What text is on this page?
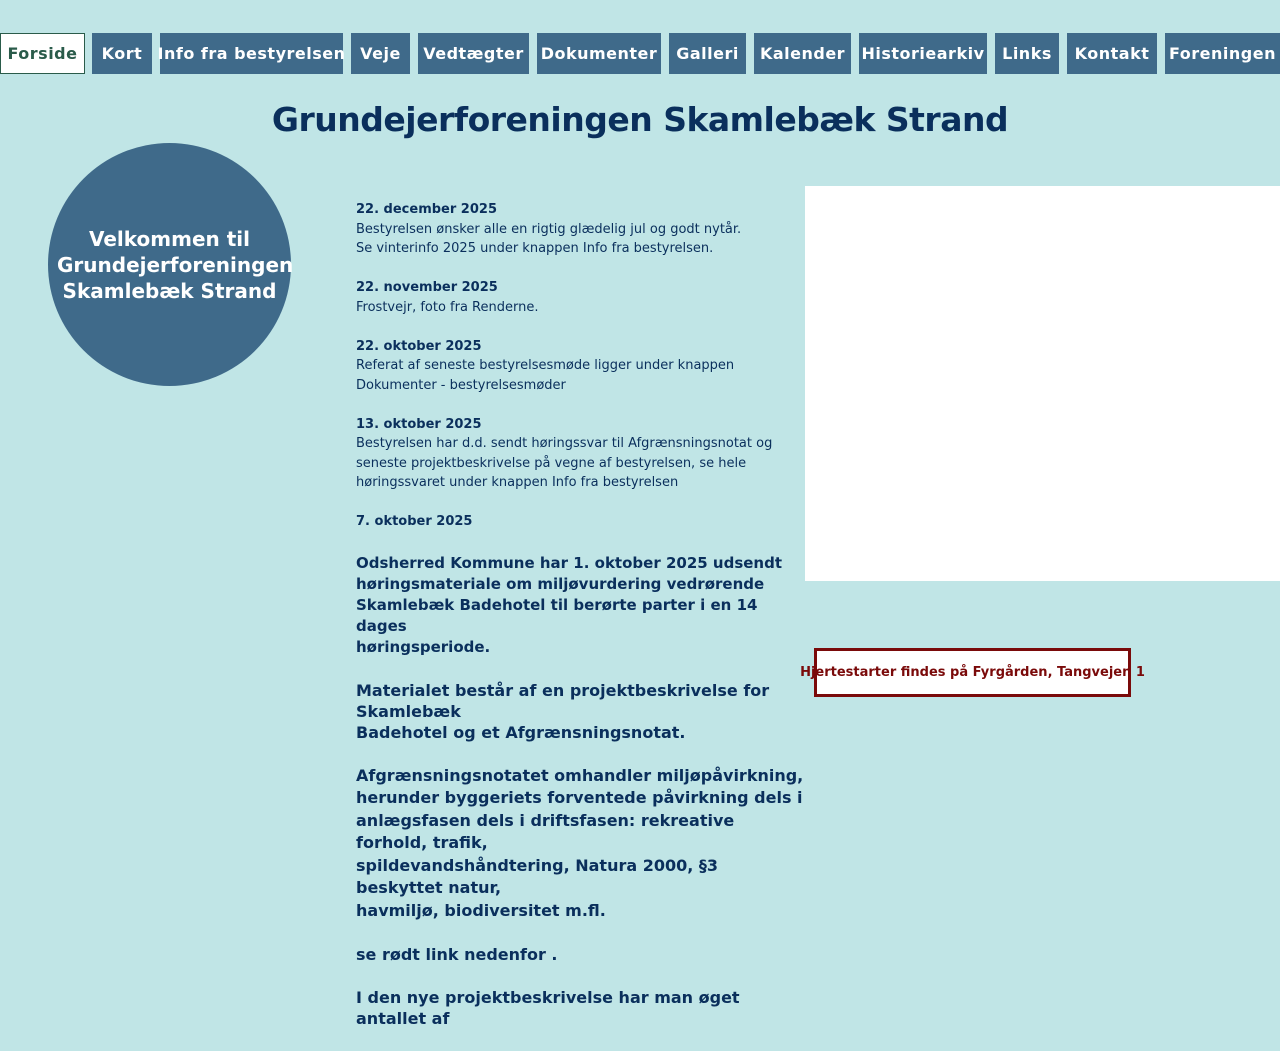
Forside	Kort Info fra bestyrelsen Veje	Vedtægter	Dokumenter	Galleri	Kalender	Historiearkiv	Links	Kontakt	Foreningen
Grundejerforeningen Skamlebæk Strand
Velkommen til Grundejerforeningen Skamlebæk Strand
22. december 2025
Bestyrelsen ønsker alle en rigtig glædelig jul og godt nytår.
Se vinterinfo 2025 under knappen Info fra bestyrelsen.
22. november 2025
Frostvejr, foto fra Renderne.
22. oktober 2025
Referat af seneste bestyrelsesmøde ligger under knappen
Dokumenter - bestyrelsesmøder
13. oktober 2025
Bestyrelsen har d.d. sendt høringssvar til Afgrænsningsnotat og
seneste projektbeskrivelse på vegne af bestyrelsen, se hele
høringssvaret under knappen Info fra bestyrelsen
7. oktober 2025

Odsherred Kommune har 1. oktober 2025 udsendt
høringsmateriale om miljøvurdering vedrørende
Skamlebæk Badehotel til berørte parter i en 14 dages
høringsperiode.

Materialet består af en projektbeskrivelse for Skamlebæk
Badehotel og et Afgrænsningsnotat.

Afgrænsningsnotatet omhandler miljøpåvirkning,
herunder byggeriets forventede påvirkning dels i
anlægsfasen dels i driftsfasen: rekreative forhold, trafik,
spildevandshåndtering, Natura 2000, §3 beskyttet natur,
havmiljø, biodiversitet m.fl.

se rødt link nedenfor .

I den nye projektbeskrivelse har man øget antallet af

Hjertestarter findes på Fyrgården, Tangvejen 1
